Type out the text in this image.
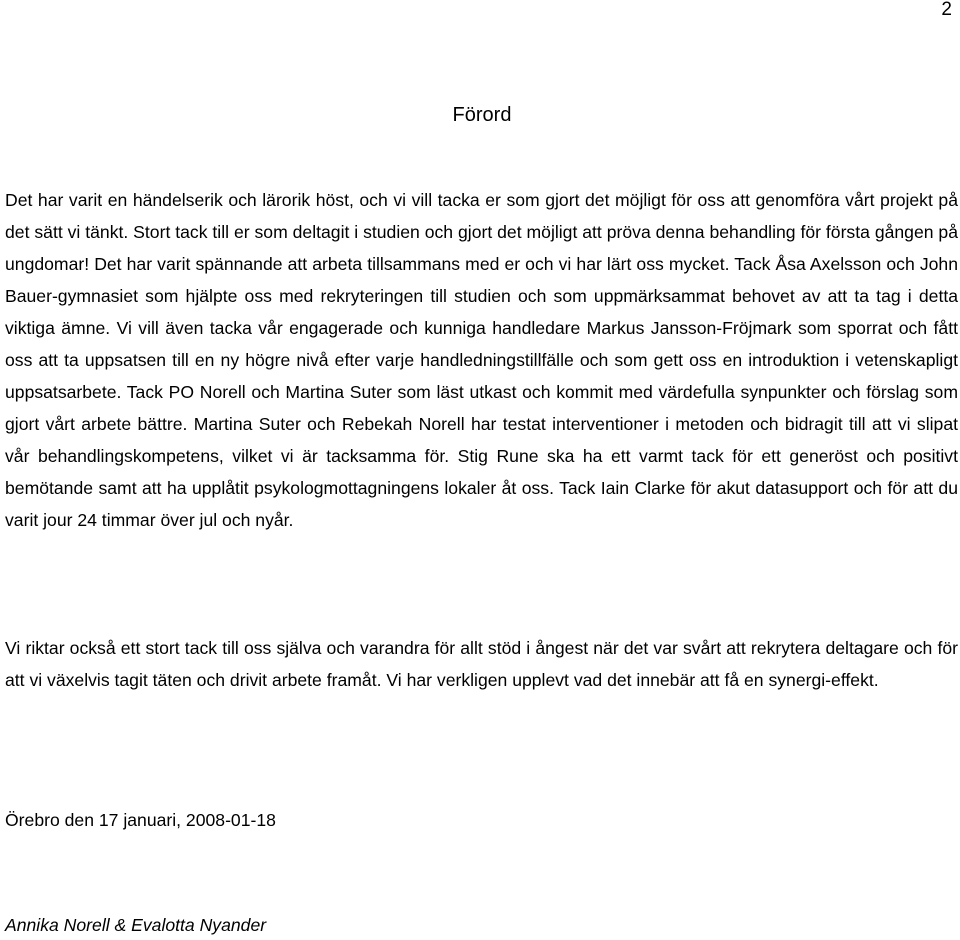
2
Förord

Det har varit en händelserik och lärorik höst, och vi vill tacka er som gjort det möjligt för oss att genomföra vårt projekt på det sätt vi tänkt. Stort tack till er som deltagit i studien och gjort det möjligt att pröva denna behandling för första gången på ungdomar! Det har varit spännande att arbeta tillsammans med er och vi har lärt oss mycket. Tack Åsa Axelsson och John Bauer-gymnasiet som hjälpte oss med rekryteringen till studien och som uppmärksammat behovet av att ta tag i detta viktiga ämne. Vi vill även tacka vår engagerade och kunniga handledare Markus Jansson-Fröjmark som sporrat och fått oss att ta uppsatsen till en ny högre nivå efter varje handledningstillfälle och som gett oss en introduktion i vetenskapligt uppsatsarbete. Tack PO Norell och Martina Suter som läst utkast och kommit med värdefulla synpunkter och förslag som gjort vårt arbete bättre. Martina Suter och Rebekah Norell har testat interventioner i metoden och bidragit till att vi slipat vår behandlingskompetens, vilket vi är tacksamma för. Stig Rune ska ha ett varmt tack för ett generöst och positivt bemötande samt att ha upplåtit psykologmottagningens lokaler åt oss. Tack Iain Clarke för akut datasupport och för att du varit jour 24 timmar över jul och nyår.

Vi riktar också ett stort tack till oss själva och varandra för allt stöd i ångest när det var svårt att rekrytera deltagare och för att vi växelvis tagit täten och drivit arbete framåt. Vi har verkligen upplevt vad det innebär att få en synergi-effekt.

Örebro den 17 januari, 2008-01-18
Annika Norell & Evalotta Nyander
